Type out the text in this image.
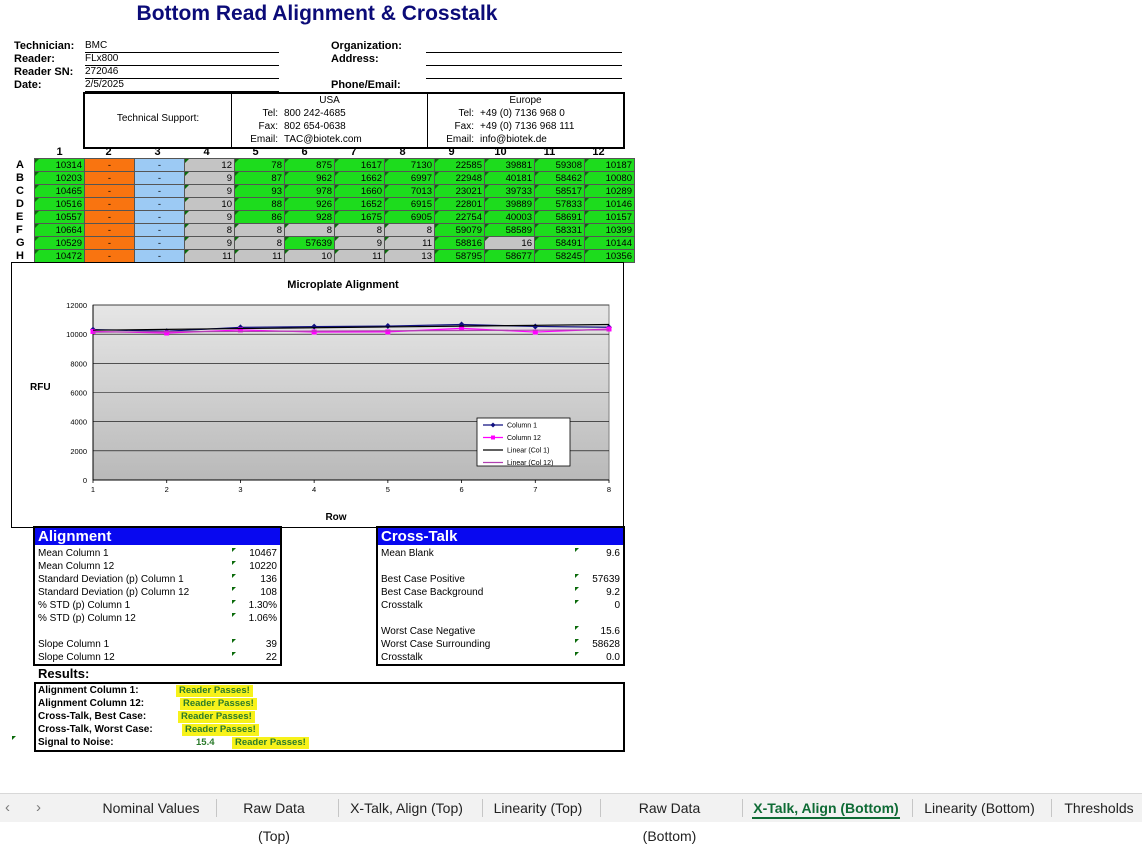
Bottom Read Alignment & Crosstalk
Technician: BMC
Reader:	FLx800
Reader SN: 272046
Date:	2/5/2025
Organization:
Address:
Phone/Email:
Technical Support:
USA
Tel: 800 242-4685
Fax: 802 654-0638
Email: TAC@biotek.com
Europe
Tel: +49 (0) 7136 968 0
Fax: +49 (0) 7136 968 111
Email: info@biotek.de
1	2	3	4	5	6	7	8	9	10	11	12
A	10314	-	-	12	78	875	1617	7130	22585	39881	59308	10187
B	10203	-	-	9	87	962	1662	6997	22948	40181	58462	10080
C	10465	-	-	9	93	978	1660	7013	23021	39733	58517	10289
D	10516	-	-	10	88	926	1652	6915	22801	39889	57833	10146
E	10557	-	-	9	86	928	1675	6905	22754	40003	58691	10157
F	10664	-	-	8	8	8	8	8	59079	58589	58331	10399
G	10529	-	-	9	8	57639	9	11	58816	16	58491	10144
H	10472	-	-	11	11	10	11	13	58795	58677	58245	10356
Microplate Alignment
RFU
Row
0
2000
4000
6000
8000
10000
12000
1	2	3	4	5	6	7	8
Column 1
Column 12
Linear (Col 1)
Linear (Col 12)
Alignment
Mean Column 1	10467
Mean Column 12	10220
Standard Deviation (p) Column 1	136
Standard Deviation (p) Column 12	108
% STD (p) Column 1	1.30%
% STD (p) Column 12	1.06%
Slope Column 1	39
Slope Column 12	22
Cross-Talk
Mean Blank	9.6
Best Case Positive	57639
Best Case Background	9.2
Crosstalk	0
Worst Case Negative	15.6
Worst Case Surrounding	58628
Crosstalk	0.0
Results:
Alignment Column 1:	Reader Passes!
Alignment Column 12:	Reader Passes!
Cross-Talk, Best Case:	Reader Passes!
Cross-Talk, Worst Case:	Reader Passes!
Signal to Noise:	15.4	Reader Passes!
‹ ›	Nominal Values	Raw Data (Top)
X-Talk, Align (Top) Linearity (Top)	Raw Data (Bottom)
X-Talk, Align (Bottom) Linearity (Bottom) Thresholds
